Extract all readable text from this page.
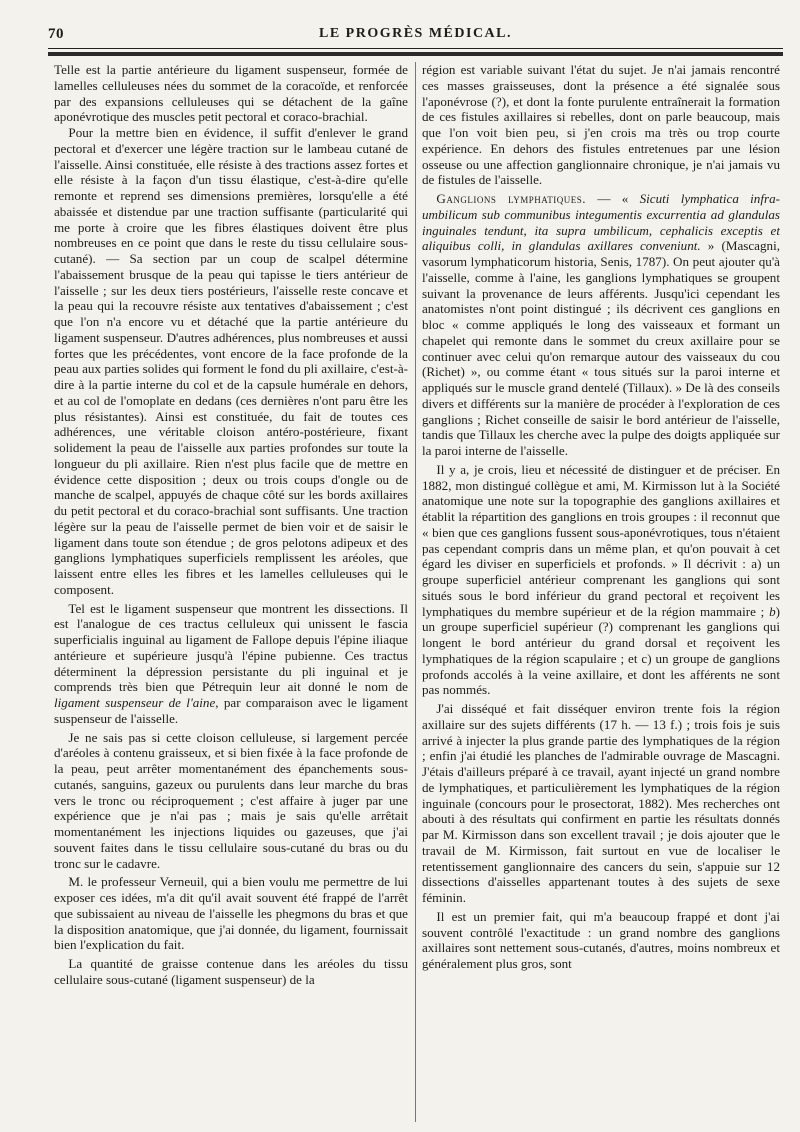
70	LE PROGRÈS MÉDICAL.

Telle est la partie antérieure du ligament suspenseur, formée de lamelles celluleuses nées du sommet de la coracoïde, et renforcée par des expansions celluleuses qui se détachent de la gaîne aponévrotique des muscles petit pectoral et coraco-brachial.

Pour la mettre bien en évidence, il suffit d'enlever le grand pectoral et d'exercer une légère traction sur le lambeau cutané de l'aisselle. Ainsi constituée, elle résiste à des tractions assez fortes et elle résiste à la façon d'un tissu élastique, c'est-à-dire qu'elle remonte et reprend ses dimensions premières, lorsqu'elle a été abaissée et distendue par une traction suffisante (particularité qui me porte à croire que les fibres élastiques doivent être plus nombreuses en ce point que dans le reste du tissu cellulaire sous-cutané). — Sa section par un coup de scalpel détermine l'abaissement brusque de la peau qui tapisse le tiers antérieur de l'aisselle ; sur les deux tiers postérieurs, l'aisselle reste concave et la peau qui la recouvre résiste aux tentatives d'abaissement ; c'est que l'on n'a encore vu et détaché que la partie antérieure du ligament suspenseur. D'autres adhérences, plus nombreuses et aussi fortes que les précédentes, vont encore de la face profonde de la peau aux parties solides qui forment le fond du pli axillaire, c'est-à-dire à la partie interne du col et de la capsule humérale en dehors, et au col de l'omoplate en dedans (ces dernières n'ont paru être les plus résistantes). Ainsi est constituée, du fait de toutes ces adhérences, une véritable cloison antéro-postérieure, fixant solidement la peau de l'aisselle aux parties profondes sur toute la longueur du pli axillaire. Rien n'est plus facile que de mettre en évidence cette disposition ; deux ou trois coups d'ongle ou de manche de scalpel, appuyés de chaque côté sur les bords axillaires du petit pectoral et du coraco-brachial sont suffisants. Une traction légère sur la peau de l'aisselle permet de bien voir et de saisir le ligament dans toute son étendue ; de gros pelotons adipeux et des ganglions lymphatiques superficiels remplissent les aréoles, que laissent entre elles les fibres et les lamelles celluleuses qui le composent.

Tel est le ligament suspenseur que montrent les dissections. Il est l'analogue de ces tractus celluleux qui unissent le fascia superficialis inguinal au ligament de Fallope depuis l'épine iliaque antérieure et supérieure jusqu'à l'épine pubienne. Ces tractus déterminent la dépression persistante du pli inguinal et je comprends très bien que Pétrequin leur ait donné le nom de ligament suspenseur de l'aine, par comparaison avec le ligament suspenseur de l'aisselle.

Je ne sais pas si cette cloison celluleuse, si largement percée d'aréoles à contenu graisseux, et si bien fixée à la face profonde de la peau, peut arrêter momentanément des épanchements sous-cutanés, sanguins, gazeux ou purulents dans leur marche du bras vers le tronc ou réciproquement ; c'est affaire à juger par une expérience que je n'ai pas ; mais je sais qu'elle arrêtait momentanément les injections liquides ou gazeuses, que j'ai souvent faites dans le tissu cellulaire sous-cutané du bras ou du tronc sur le cadavre.

M. le professeur Verneuil, qui a bien voulu me permettre de lui exposer ces idées, m'a dit qu'il avait souvent été frappé de l'arrêt que subissaient au niveau de l'aisselle les phegmons du bras et que la disposition anatomique, que j'ai donnée, du ligament, fournissait bien l'explication du fait.

La quantité de graisse contenue dans les aréoles du tissu cellulaire sous-cutané (ligament suspenseur) de la

région est variable suivant l'état du sujet. Je n'ai jamais rencontré ces masses graisseuses, dont la présence a été signalée sous l'aponévrose (?), et dont la fonte purulente entraînerait la formation de ces fistules axillaires si rebelles, dont on parle beaucoup, mais que l'on voit bien peu, si j'en crois ma très ou trop courte expérience. En dehors des fistules entretenues par une lésion osseuse ou une affection ganglionnaire chronique, je n'ai jamais vu de fistules de l'aisselle.

Ganglions lymphatiques. — « Sicuti lymphatica infra-umbilicum sub communibus integumentis excurrentia ad glandulas inguinales tendunt, ita supra umbilicum, cephalicis exceptis et aliquibus colli, in glandulas axillares conveniunt. » (Mascagni, vasorum lymphaticorum historia, Senis, 1787). On peut ajouter qu'à l'aisselle, comme à l'aine, les ganglions lymphatiques se groupent suivant la provenance de leurs afférents. Jusqu'ici cependant les anatomistes n'ont point distingué ; ils décrivent ces ganglions en bloc « comme appliqués le long des vaisseaux et formant un chapelet qui remonte dans le sommet du creux axillaire pour se continuer avec celui qu'on remarque autour des vaisseaux du cou (Richet) », ou comme étant « tous situés sur la paroi interne et appliqués sur le muscle grand dentelé (Tillaux). » De là des conseils divers et différents sur la manière de procéder à l'exploration de ces ganglions ; Richet conseille de saisir le bord antérieur de l'aisselle, tandis que Tillaux les cherche avec la pulpe des doigts appliquée sur la paroi interne de l'aisselle.

Il y a, je crois, lieu et nécessité de distinguer et de préciser. En 1882, mon distingué collègue et ami, M. Kirmisson lut à la Société anatomique une note sur la topographie des ganglions axillaires et établit la répartition des ganglions en trois groupes : il reconnut que « bien que ces ganglions fussent sous-aponévrotiques, tous n'étaient pas cependant compris dans un même plan, et qu'on pouvait à cet égard les diviser en superficiels et profonds. » Il décrivit : a) un groupe superficiel antérieur comprenant les ganglions qui sont situés sous le bord inférieur du grand pectoral et reçoivent les lymphatiques du membre supérieur et de la région mammaire ; b) un groupe superficiel supérieur (?) comprenant les ganglions qui longent le bord antérieur du grand dorsal et reçoivent les lymphatiques de la région scapulaire ; et c) un groupe de ganglions profonds accolés à la veine axillaire, et dont les afférents ne sont pas nommés.

J'ai disséqué et fait disséquer environ trente fois la région axillaire sur des sujets différents (17 h. — 13 f.) ; trois fois je suis arrivé à injecter la plus grande partie des lymphatiques de la région ; enfin j'ai étudié les planches de l'admirable ouvrage de Mascagni. J'étais d'ailleurs préparé à ce travail, ayant injecté un grand nombre de lymphatiques, et particulièrement les lymphatiques de la région inguinale (concours pour le prosectorat, 1882). Mes recherches ont abouti à des résultats qui confirment en partie les résultats donnés par M. Kirmisson dans son excellent travail ; je dois ajouter que le travail de M. Kirmisson, fait surtout en vue de localiser le retentissement ganglionnaire des cancers du sein, s'appuie sur 12 dissections d'aisselles appartenant toutes à des sujets de sexe féminin.

Il est un premier fait, qui m'a beaucoup frappé et dont j'ai souvent contrôlé l'exactitude : un grand nombre des ganglions axillaires sont nettement sous-cutanés, d'autres, moins nombreux et généralement plus gros, sont
